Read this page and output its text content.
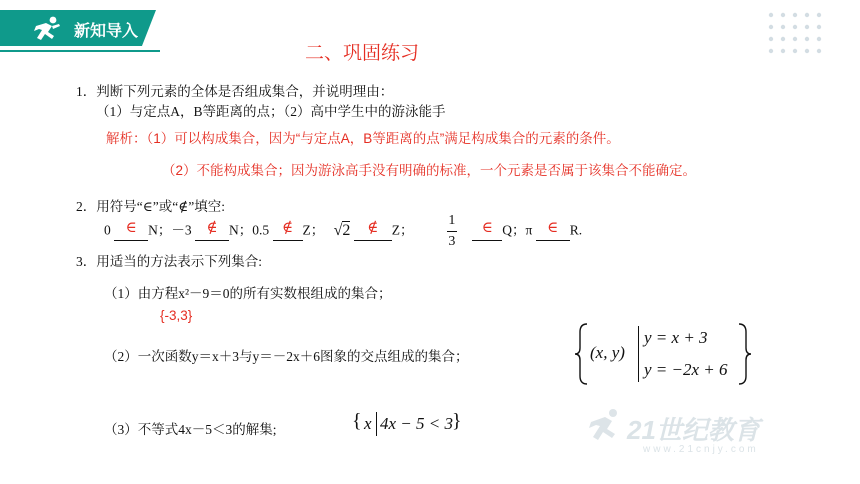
新知导入
二、巩固练习
1．判断下列元素的全体是否组成集合，并说明理由：
（1）与定点A，B等距离的点；（2）高中学生中的游泳能手
解析：（1）可以构成集合，因为“与定点A，B等距离的点”满足构成集合的元素的条件。
（2）不能构成集合；因为游泳高手没有明确的标准，一个元素是否属于该集合不能确定。
2．用符号“∈”或“∉”填空:
0 ∈ N；－3 ∉ N；0.5 ∉ Z； √2 ∉ Z； $\frac{1}{3}$ ∈ Q；π ∈ R.
3．用适当的方法表示下列集合:
（1）由方程x²－9＝0的所有实数根组成的集合；
{-3,3}
（2）一次函数y＝x＋3与y＝－2x＋6图象的交点组成的集合；	(x, y)
y = x + 3
y = −2x + 6
（3）不等式4x－5＜3的解集;	{ x 4x − 5 < 3 }	21世纪教育
www.21cnjy.com
